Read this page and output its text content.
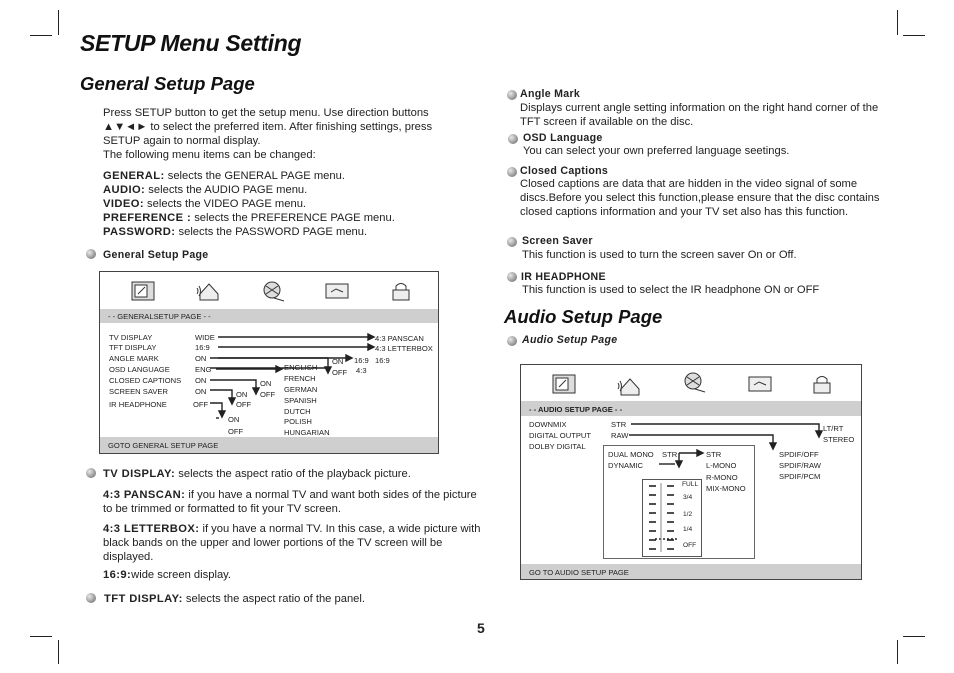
SETUP Menu Setting
General Setup Page
Press SETUP button to get the setup menu. Use direction buttons
▲▼◄► to select the preferred item. After finishing settings, press
SETUP again to normal display.
The following menu items can be changed:
GENERAL: selects the GENERAL PAGE menu.
AUDIO: selects the AUDIO PAGE menu.
VIDEO: selects the VIDEO PAGE menu.
PREFERENCE : selects the PREFERENCE PAGE menu.
PASSWORD: selects the PASSWORD PAGE menu.
General Setup Page
- - GENERALSETUP PAGE - -
TV DISPLAY
TFT DISPLAY
ANGLE MARK
OSD LANGUAGE
CLOSED CAPTIONS
SCREEN SAVER
IR HEADPHONE
WIDE
16:9
ON
ENG
ON
ON
OFF
4:3 PANSCAN
4:3 LETTERBOX
16:9
16:9
4:3
ON
OFF
ENGLISH
FRENCH
GERMAN
SPANISH
DUTCH
POLISH
HUNGARIAN
ON
OFF
ON
OFF
ON
OFF
GOTO GENERAL SETUP PAGE
TV DISPLAY: selects the aspect ratio of the playback picture.
4:3 PANSCAN: if you have a normal TV and want both sides of the picture to be trimmed or formatted to fit your TV screen.
4:3 LETTERBOX: if you have a normal TV. In this case, a wide picture with black bands on the upper and lower portions of the TV screen will be displayed.
16:9:wide screen display.
TFT DISPLAY: selects the aspect ratio of the panel.
Angle Mark
Displays current angle setting information on the right hand corner of the TFT screen if available on the disc.
OSD Language
You can select your own preferred language seetings.
Closed Captions
Closed captions are data that are hidden in the video signal of some discs.Before you select this function,please ensure that the disc contains closed captions information and your TV set also has this function.
Screen Saver
This function is used to turn the screen saver On or Off.
IR HEADPHONE
This function is used to select the IR headphone ON or OFF
Audio Setup Page
Audio Setup Page
- - AUDIO SETUP PAGE - -
DOWNMIX
DIGITAL OUTPUT
DOLBY DIGITAL
STR
RAW
LT/RT
STEREO
SPDIF/OFF
SPDIF/RAW
SPDIF/PCM
DUAL MONO
DYNAMIC
STR	STR
L-MONO
R-MONO
MIX-MONO
FULL
3/4
1/2
1/4
OFF
GO TO AUDIO SETUP PAGE
5
